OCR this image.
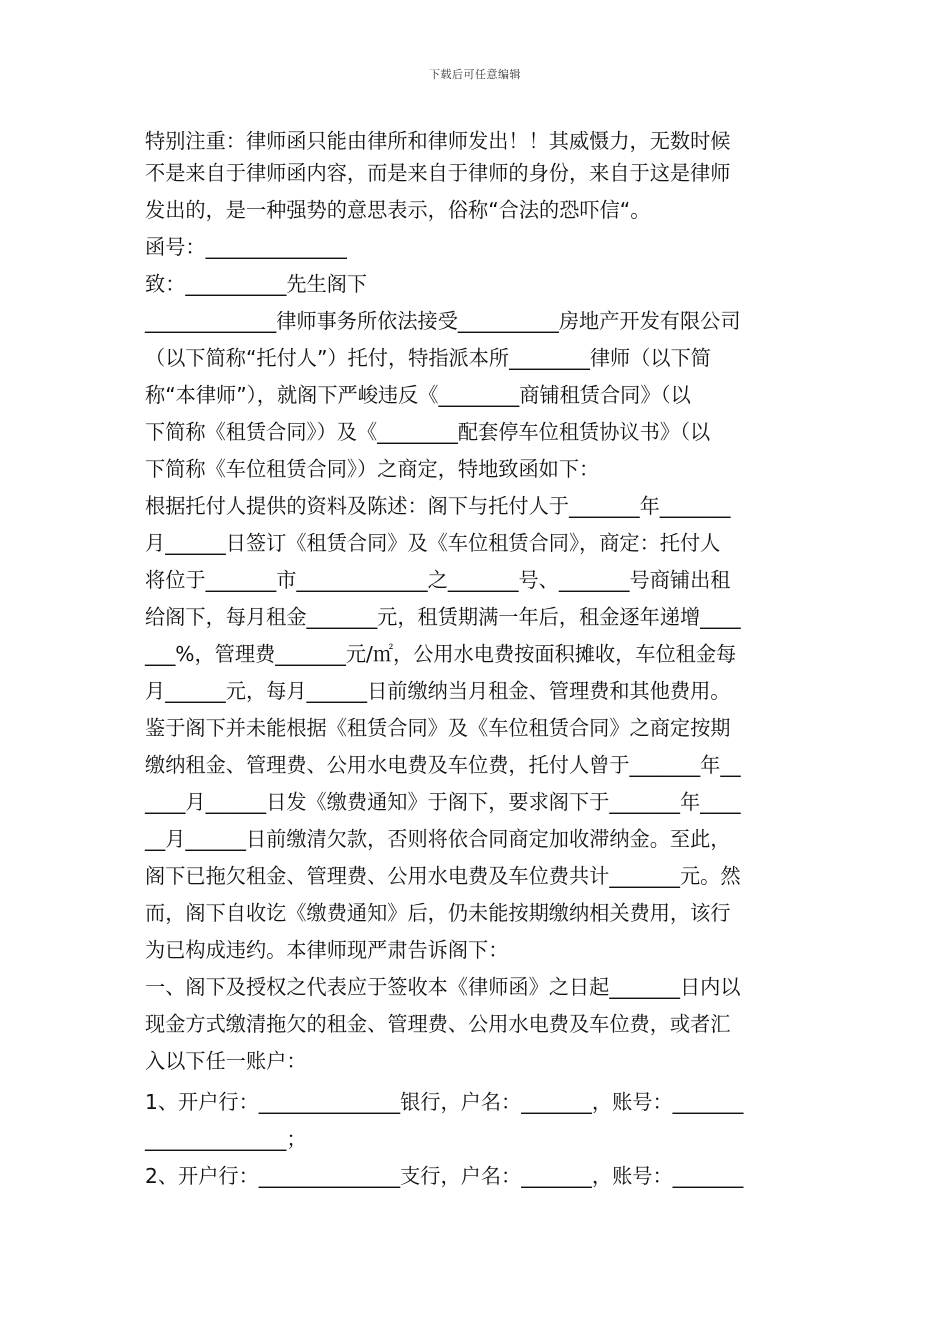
下载后可任意编辑
特别注重：律师函只能由律所和律师发出！！其威慑力，无数时候
不是来自于律师函内容，而是来自于律师的身份，来自于这是律师
发出的，是一种强势的意思表示，俗称“合法的恐吓信“。
函号：______________
致：__________先生阁下
_____________律师事务所依法接受__________房地产开发有限公司
（以下简称“托付人”）托付，特指派本所________律师（以下简
称“本律师”），就阁下严峻违反《________商铺租赁合同》（以
下简称《租赁合同》）及《________配套停车位租赁协议书》（以
下简称《车位租赁合同》）之商定，特地致函如下：
根据托付人提供的资料及陈述：阁下与托付人于_______年_______
月______日签订《租赁合同》及《车位租赁合同》，商定：托付人
将位于_______市_____________之_______号、_______号商铺出租
给阁下，每月租金_______元，租赁期满一年后，租金逐年递增____
___%，管理费_______元/㎡，公用水电费按面积摊收，车位租金每
月______元，每月______日前缴纳当月租金、管理费和其他费用。
鉴于阁下并未能根据《租赁合同》及《车位租赁合同》之商定按期
缴纳租金、管理费、公用水电费及车位费，托付人曾于_______年__
____月______日发《缴费通知》于阁下，要求阁下于_______年____
__月______日前缴清欠款，否则将依合同商定加收滞纳金。至此，
阁下已拖欠租金、管理费、公用水电费及车位费共计_______元。然
而，阁下自收讫《缴费通知》后，仍未能按期缴纳相关费用，该行
为已构成违约。本律师现严肃告诉阁下：
一、阁下及授权之代表应于签收本《律师函》之日起_______日内以
现金方式缴清拖欠的租金、管理费、公用水电费及车位费，或者汇
入以下任一账户：
1、开户行：______________银行，户名：_______，账号：_______
______________；
2、开户行：______________支行，户名：_______，账号：_______
